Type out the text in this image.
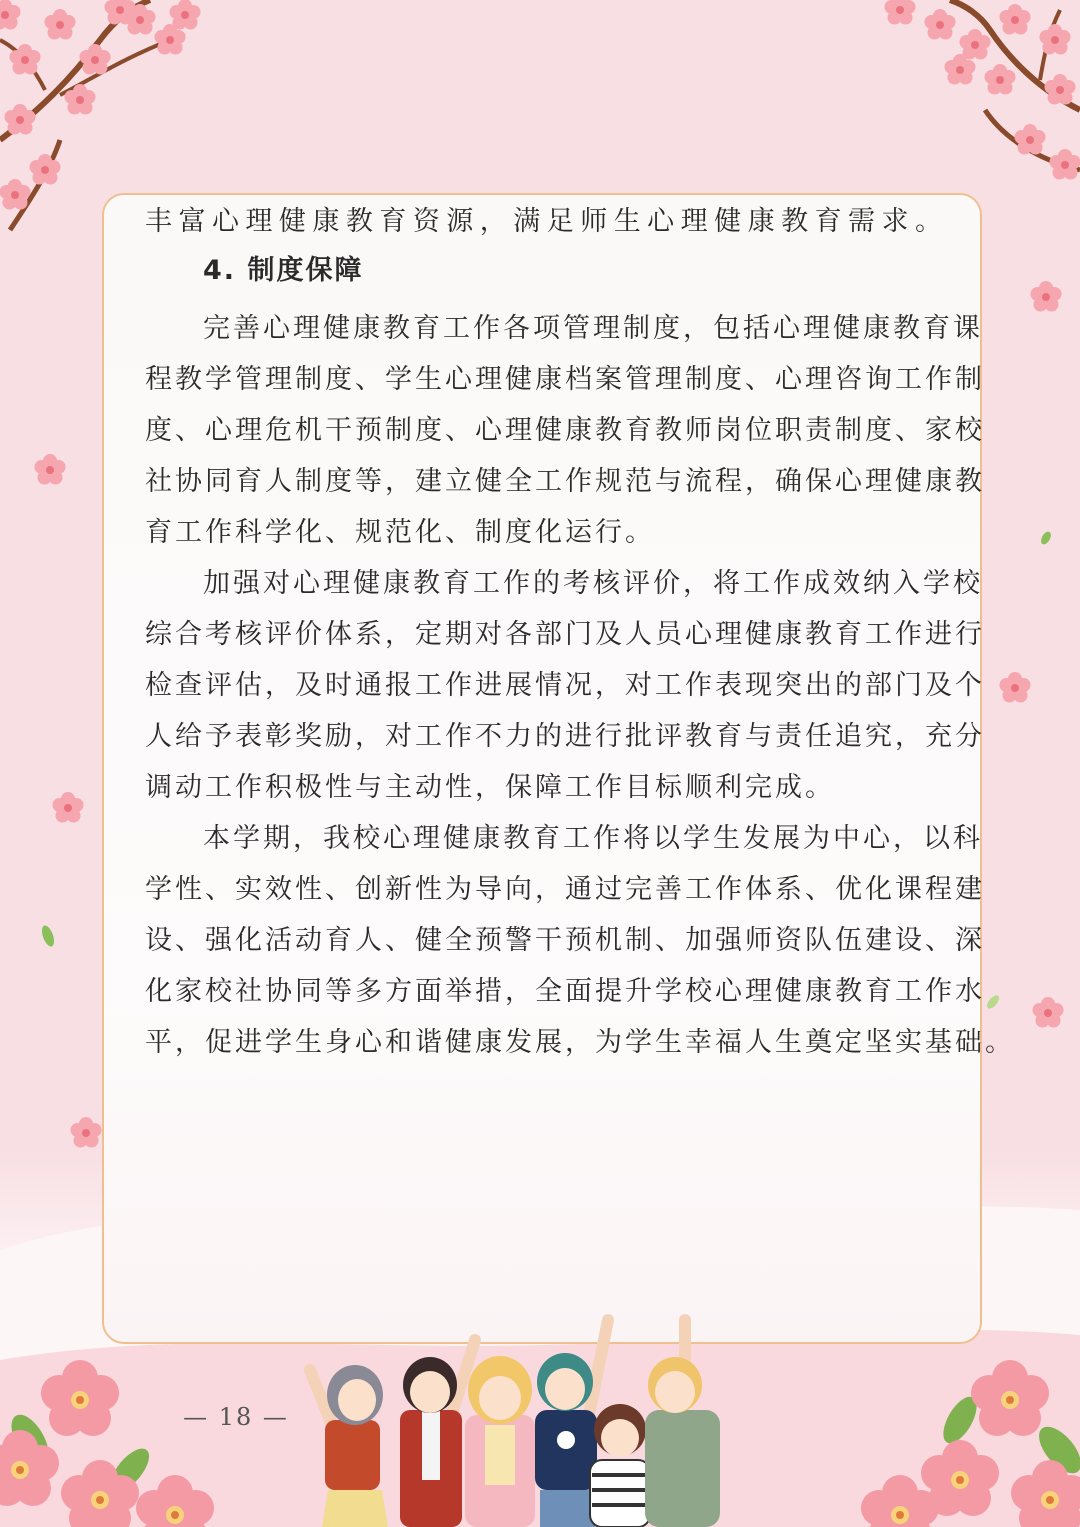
丰富心理健康教育资源，满足师生心理健康教育需求。
4. 制度保障
完善心理健康教育工作各项管理制度，包括心理健康教育课
程教学管理制度、学生心理健康档案管理制度、心理咨询工作制
度、心理危机干预制度、心理健康教育教师岗位职责制度、家校
社协同育人制度等，建立健全工作规范与流程，确保心理健康教
育工作科学化、规范化、制度化运行。
加强对心理健康教育工作的考核评价，将工作成效纳入学校
综合考核评价体系，定期对各部门及人员心理健康教育工作进行
检查评估，及时通报工作进展情况，对工作表现突出的部门及个
人给予表彰奖励，对工作不力的进行批评教育与责任追究，充分
调动工作积极性与主动性，保障工作目标顺利完成。
本学期，我校心理健康教育工作将以学生发展为中心，以科
学性、实效性、创新性为导向，通过完善工作体系、优化课程建
设、强化活动育人、健全预警干预机制、加强师资队伍建设、深
化家校社协同等多方面举措，全面提升学校心理健康教育工作水
平，促进学生身心和谐健康发展，为学生幸福人生奠定坚实基础。
— 18 —
